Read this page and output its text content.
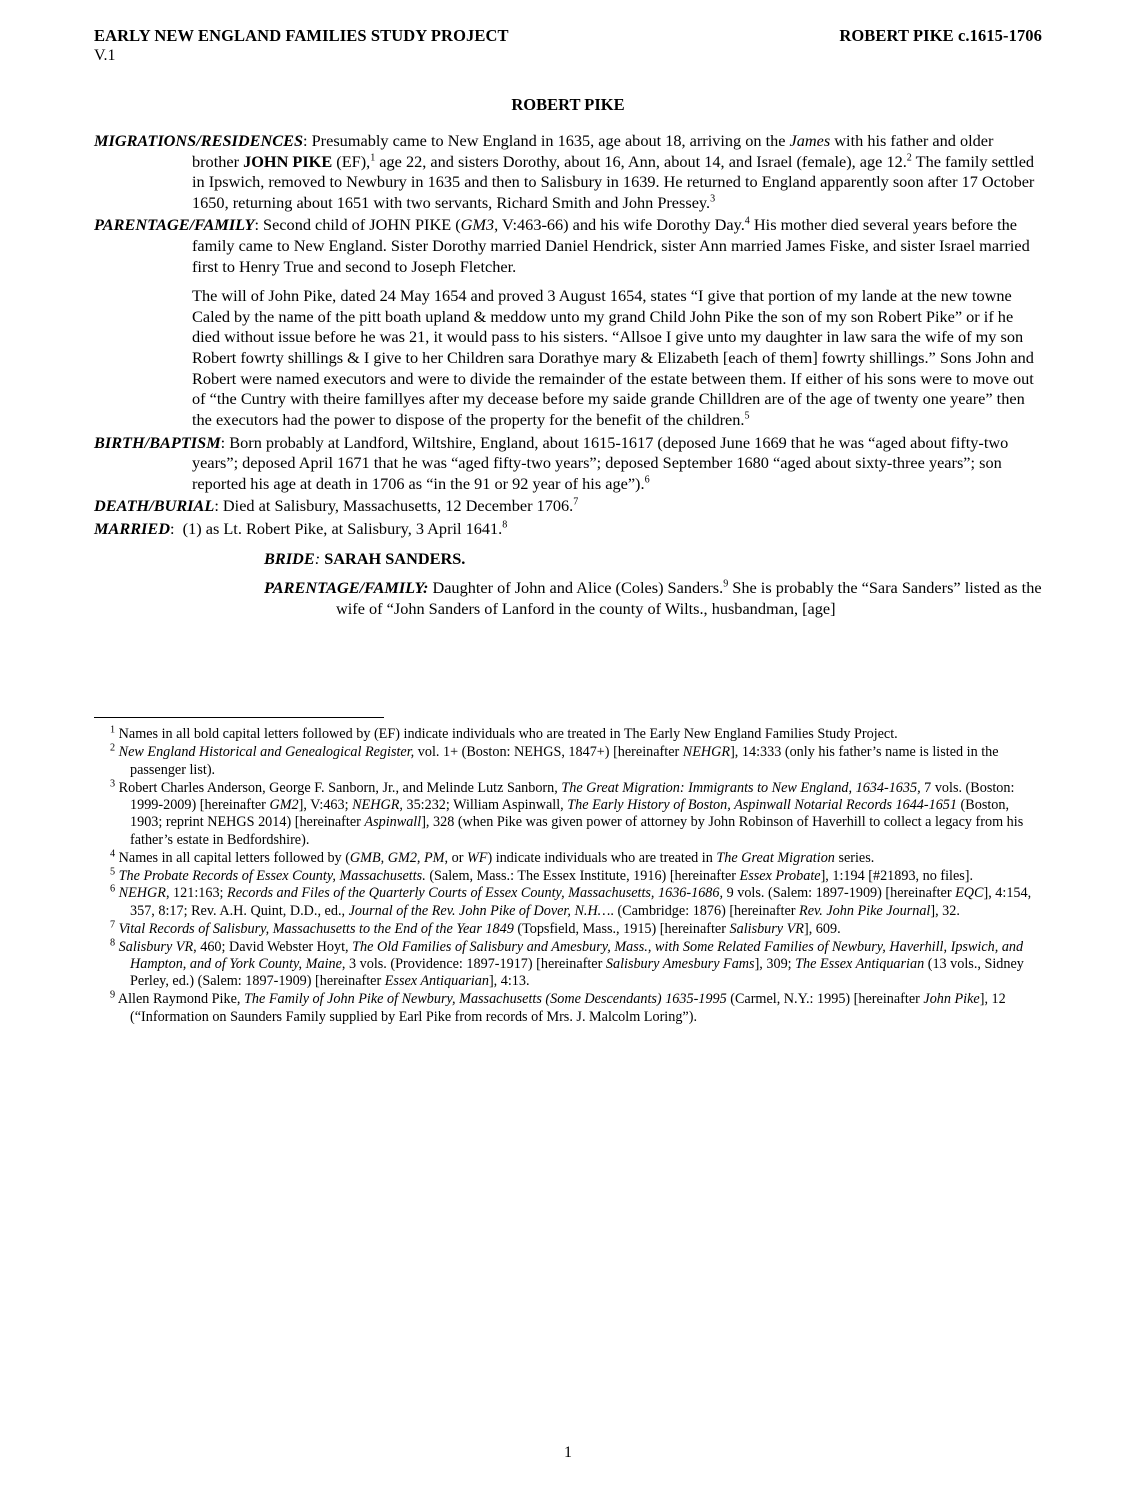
EARLY NEW ENGLAND FAMILIES STUDY PROJECT	ROBERT PIKE c.1615-1706
V.1
ROBERT PIKE
MIGRATIONS/RESIDENCES: Presumably came to New England in 1635, age about 18, arriving on the James with his father and older brother JOHN PIKE (EF),$^1$ age 22, and sisters Dorothy, about 16, Ann, about 14, and Israel (female), age 12.$^2$ The family settled in Ipswich, removed to Newbury in 1635 and then to Salisbury in 1639. He returned to England apparently soon after 17 October 1650, returning about 1651 with two servants, Richard Smith and John Pressey.$^3$
PARENTAGE/FAMILY: Second child of JOHN PIKE (GM3, V:463-66) and his wife Dorothy Day.$^4$ His mother died several years before the family came to New England. Sister Dorothy married Daniel Hendrick, sister Ann married James Fiske, and sister Israel married first to Henry True and second to Joseph Fletcher.
The will of John Pike, dated 24 May 1654 and proved 3 August 1654, states “I give that portion of my lande at the new towne Caled by the name of the pitt boath upland & meddow unto my grand Child John Pike the son of my son Robert Pike” or if he died without issue before he was 21, it would pass to his sisters. “Allsoe I give unto my daughter in law sara the wife of my son Robert fowrty shillings & I give to her Children sara Dorathye mary & Elizabeth [each of them] fowrty shillings.” Sons John and Robert were named executors and were to divide the remainder of the estate between them. If either of his sons were to move out of “the Cuntry with theire famillyes after my decease before my saide grande Chilldren are of the age of twenty one yeare” then the executors had the power to dispose of the property for the benefit of the children.$^5$
BIRTH/BAPTISM: Born probably at Landford, Wiltshire, England, about 1615-1617 (deposed June 1669 that he was “aged about fifty-two years”; deposed April 1671 that he was “aged fifty-two years”; deposed September 1680 “aged about sixty-three years”; son reported his age at death in 1706 as “in the 91 or 92 year of his age”).$^6$
DEATH/BURIAL: Died at Salisbury, Massachusetts, 12 December 1706.$^7$
MARRIED:  (1) as Lt. Robert Pike, at Salisbury, 3 April 1641.$^8$
BRIDE: SARAH SANDERS.
PARENTAGE/FAMILY: Daughter of John and Alice (Coles) Sanders.$^9$ She is probably the “Sara Sanders” listed as the wife of “John Sanders of Lanford in the county of Wilts., husbandman, [age]
$^1$ Names in all bold capital letters followed by (EF) indicate individuals who are treated in The Early New England Families Study Project.
$^2$ New England Historical and Genealogical Register, vol. 1+ (Boston: NEHGS, 1847+) [hereinafter NEHGR], 14:333 (only his father’s name is listed in the passenger list).
$^3$ Robert Charles Anderson, George F. Sanborn, Jr., and Melinde Lutz Sanborn, The Great Migration: Immigrants to New England, 1634-1635, 7 vols. (Boston: 1999-2009) [hereinafter GM2], V:463; NEHGR, 35:232; William Aspinwall, The Early History of Boston, Aspinwall Notarial Records 1644-1651 (Boston, 1903; reprint NEHGS 2014) [hereinafter Aspinwall], 328 (when Pike was given power of attorney by John Robinson of Haverhill to collect a legacy from his father’s estate in Bedfordshire).
$^4$ Names in all capital letters followed by (GMB, GM2, PM, or WF) indicate individuals who are treated in The Great Migration series.
$^5$ The Probate Records of Essex County, Massachusetts. (Salem, Mass.: The Essex Institute, 1916) [hereinafter Essex Probate], 1:194 [#21893, no files].
$^6$ NEHGR, 121:163; Records and Files of the Quarterly Courts of Essex County, Massachusetts, 1636-1686, 9 vols. (Salem: 1897-1909) [hereinafter EQC], 4:154, 357, 8:17; Rev. A.H. Quint, D.D., ed., Journal of the Rev. John Pike of Dover, N.H…. (Cambridge: 1876) [hereinafter Rev. John Pike Journal], 32.
$^7$ Vital Records of Salisbury, Massachusetts to the End of the Year 1849 (Topsfield, Mass., 1915) [hereinafter Salisbury VR], 609.
$^8$ Salisbury VR, 460; David Webster Hoyt, The Old Families of Salisbury and Amesbury, Mass., with Some Related Families of Newbury, Haverhill, Ipswich, and Hampton, and of York County, Maine, 3 vols. (Providence: 1897-1917) [hereinafter Salisbury Amesbury Fams], 309; The Essex Antiquarian (13 vols., Sidney Perley, ed.) (Salem: 1897-1909) [hereinafter Essex Antiquarian], 4:13.
$^9$ Allen Raymond Pike, The Family of John Pike of Newbury, Massachusetts (Some Descendants) 1635-1995 (Carmel, N.Y.: 1995) [hereinafter John Pike], 12 (“Information on Saunders Family supplied by Earl Pike from records of Mrs. J. Malcolm Loring”).
1
